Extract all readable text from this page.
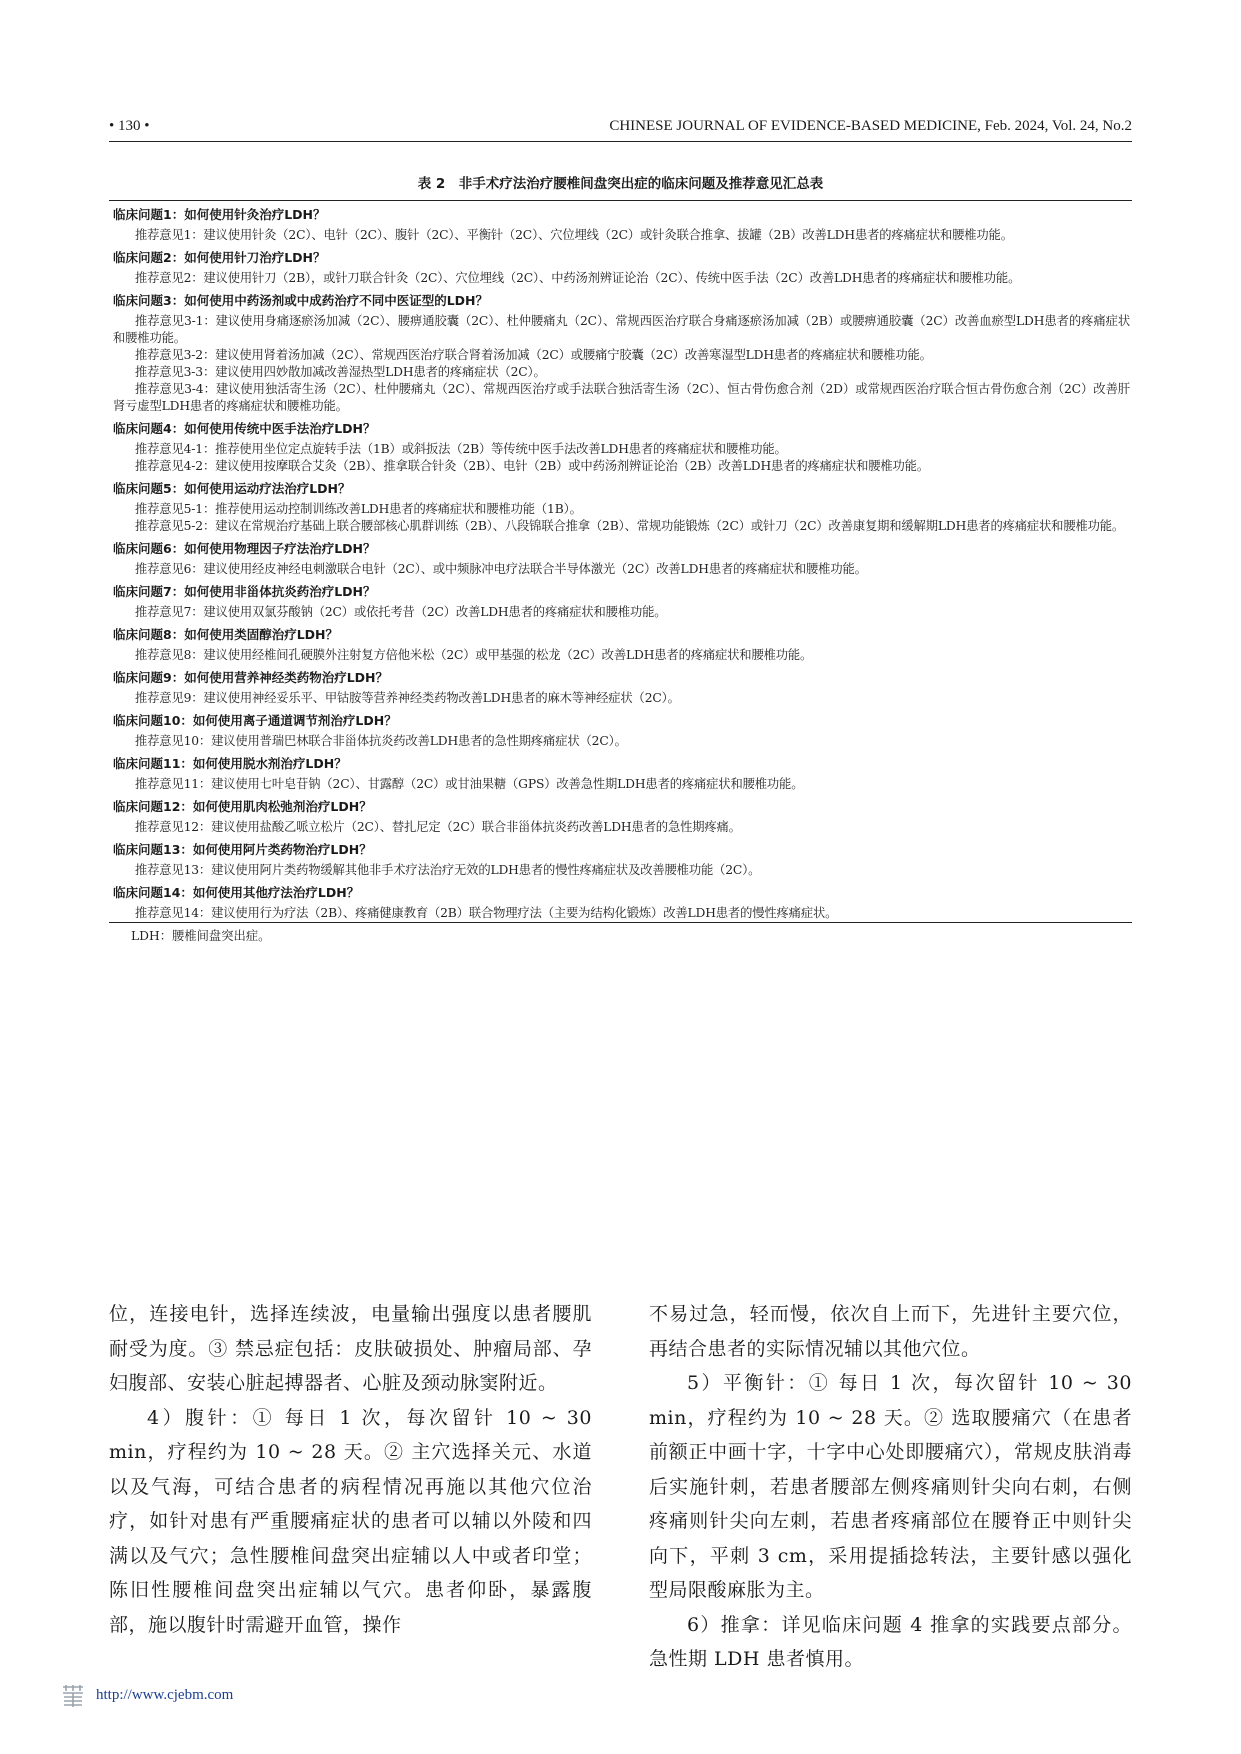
• 130 •	CHINESE JOURNAL OF EVIDENCE-BASED MEDICINE, Feb. 2024, Vol. 24, No.2
表 2　非手术疗法治疗腰椎间盘突出症的临床问题及推荐意见汇总表
临床问题1：如何使用针灸治疗LDH？
推荐意见1：建议使用针灸（2C）、电针（2C）、腹针（2C）、平衡针（2C）、穴位埋线（2C）或针灸联合推拿、拔罐（2B）改善LDH患者的疼痛症状和腰椎功能。
临床问题2：如何使用针刀治疗LDH？
推荐意见2：建议使用针刀（2B），或针刀联合针灸（2C）、穴位埋线（2C）、中药汤剂辨证论治（2C）、传统中医手法（2C）改善LDH患者的疼痛症状和腰椎功能。
临床问题3：如何使用中药汤剂或中成药治疗不同中医证型的LDH？
推荐意见3-1：建议使用身痛逐瘀汤加减（2C）、腰痹通胶囊（2C）、杜仲腰痛丸（2C）、常规西医治疗联合身痛逐瘀汤加减（2B）或腰痹通胶囊（2C）改善血瘀型LDH患者的疼痛症状和腰椎功能。
推荐意见3-2：建议使用肾着汤加减（2C）、常规西医治疗联合肾着汤加减（2C）或腰痛宁胶囊（2C）改善寒湿型LDH患者的疼痛症状和腰椎功能。
推荐意见3-3：建议使用四妙散加减改善湿热型LDH患者的疼痛症状（2C）。
推荐意见3-4：建议使用独活寄生汤（2C）、杜仲腰痛丸（2C）、常规西医治疗或手法联合独活寄生汤（2C）、恒古骨伤愈合剂（2D）或常规西医治疗联合恒古骨伤愈合剂（2C）改善肝肾亏虚型LDH患者的疼痛症状和腰椎功能。
临床问题4：如何使用传统中医手法治疗LDH？
推荐意见4-1：推荐使用坐位定点旋转手法（1B）或斜扳法（2B）等传统中医手法改善LDH患者的疼痛症状和腰椎功能。
推荐意见4-2：建议使用按摩联合艾灸（2B）、推拿联合针灸（2B）、电针（2B）或中药汤剂辨证论治（2B）改善LDH患者的疼痛症状和腰椎功能。
临床问题5：如何使用运动疗法治疗LDH？
推荐意见5-1：推荐使用运动控制训练改善LDH患者的疼痛症状和腰椎功能（1B）。
推荐意见5-2：建议在常规治疗基础上联合腰部核心肌群训练（2B）、八段锦联合推拿（2B）、常规功能锻炼（2C）或针刀（2C）改善康复期和缓解期LDH患者的疼痛症状和腰椎功能。
临床问题6：如何使用物理因子疗法治疗LDH？
推荐意见6：建议使用经皮神经电刺激联合电针（2C）、或中频脉冲电疗法联合半导体激光（2C）改善LDH患者的疼痛症状和腰椎功能。
临床问题7：如何使用非甾体抗炎药治疗LDH？
推荐意见7：建议使用双氯芬酸钠（2C）或依托考昔（2C）改善LDH患者的疼痛症状和腰椎功能。
临床问题8：如何使用类固醇治疗LDH？
推荐意见8：建议使用经椎间孔硬膜外注射复方倍他米松（2C）或甲基强的松龙（2C）改善LDH患者的疼痛症状和腰椎功能。
临床问题9：如何使用营养神经类药物治疗LDH？
推荐意见9：建议使用神经妥乐平、甲钴胺等营养神经类药物改善LDH患者的麻木等神经症状（2C）。
临床问题10：如何使用离子通道调节剂治疗LDH？
推荐意见10：建议使用普瑞巴林联合非甾体抗炎药改善LDH患者的急性期疼痛症状（2C）。
临床问题11：如何使用脱水剂治疗LDH？
推荐意见11：建议使用七叶皂苷钠（2C）、甘露醇（2C）或甘油果糖（GPS）改善急性期LDH患者的疼痛症状和腰椎功能。
临床问题12：如何使用肌肉松弛剂治疗LDH？
推荐意见12：建议使用盐酸乙哌立松片（2C）、替扎尼定（2C）联合非甾体抗炎药改善LDH患者的急性期疼痛。
临床问题13：如何使用阿片类药物治疗LDH？
推荐意见13：建议使用阿片类药物缓解其他非手术疗法治疗无效的LDH患者的慢性疼痛症状及改善腰椎功能（2C）。
临床问题14：如何使用其他疗法治疗LDH？
推荐意见14：建议使用行为疗法（2B）、疼痛健康教育（2B）联合物理疗法（主要为结构化锻炼）改善LDH患者的慢性疼痛症状。
LDH：腰椎间盘突出症。

位，连接电针，选择连续波，电量输出强度以患者腰肌耐受为度。③ 禁忌症包括：皮肤破损处、肿瘤局部、孕妇腹部、安装心脏起搏器者、心脏及颈动脉窦附近。

4）腹针：① 每日 1 次，每次留针 10 ~ 30 min，疗程约为 10 ~ 28 天。② 主穴选择关元、水道以及气海，可结合患者的病程情况再施以其他穴位治疗，如针对患有严重腰痛症状的患者可以辅以外陵和四满以及气穴；急性腰椎间盘突出症辅以人中或者印堂；陈旧性腰椎间盘突出症辅以气穴。患者仰卧，暴露腹部，施以腹针时需避开血管，操作

不易过急，轻而慢，依次自上而下，先进针主要穴位，再结合患者的实际情况辅以其他穴位。

5）平衡针：① 每日 1 次，每次留针 10 ~ 30 min，疗程约为 10 ~ 28 天。② 选取腰痛穴（在患者前额正中画十字，十字中心处即腰痛穴），常规皮肤消毒后实施针刺，若患者腰部左侧疼痛则针尖向右刺，右侧疼痛则针尖向左刺，若患者疼痛部位在腰脊正中则针尖向下，平刺 3 cm，采用提插捻转法，主要针感以强化型局限酸麻胀为主。

6）推拿：详见临床问题 4 推拿的实践要点部分。急性期 LDH 患者慎用。

http://www.cjebm.com
